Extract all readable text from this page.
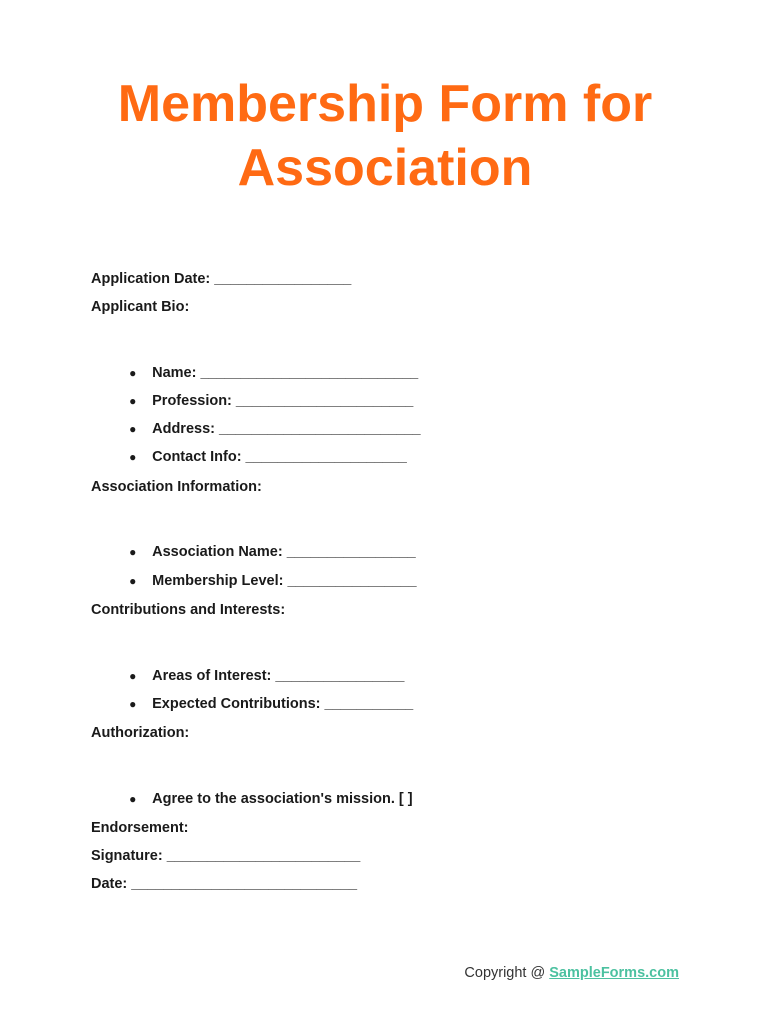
Membership Form for
Association
Application Date: _________________
Applicant Bio:

● Name: ___________________________

● Profession: ______________________

● Address: _________________________

● Contact Info: ____________________

Association Information:

● Association Name: ________________

● Membership Level: ________________

Contributions and Interests:

● Areas of Interest: ________________

● Expected Contributions: ___________

Authorization:

● Agree to the association's mission. [ ]

Endorsement:
Signature: ________________________
Date: ____________________________
Copyright @ SampleForms.com
